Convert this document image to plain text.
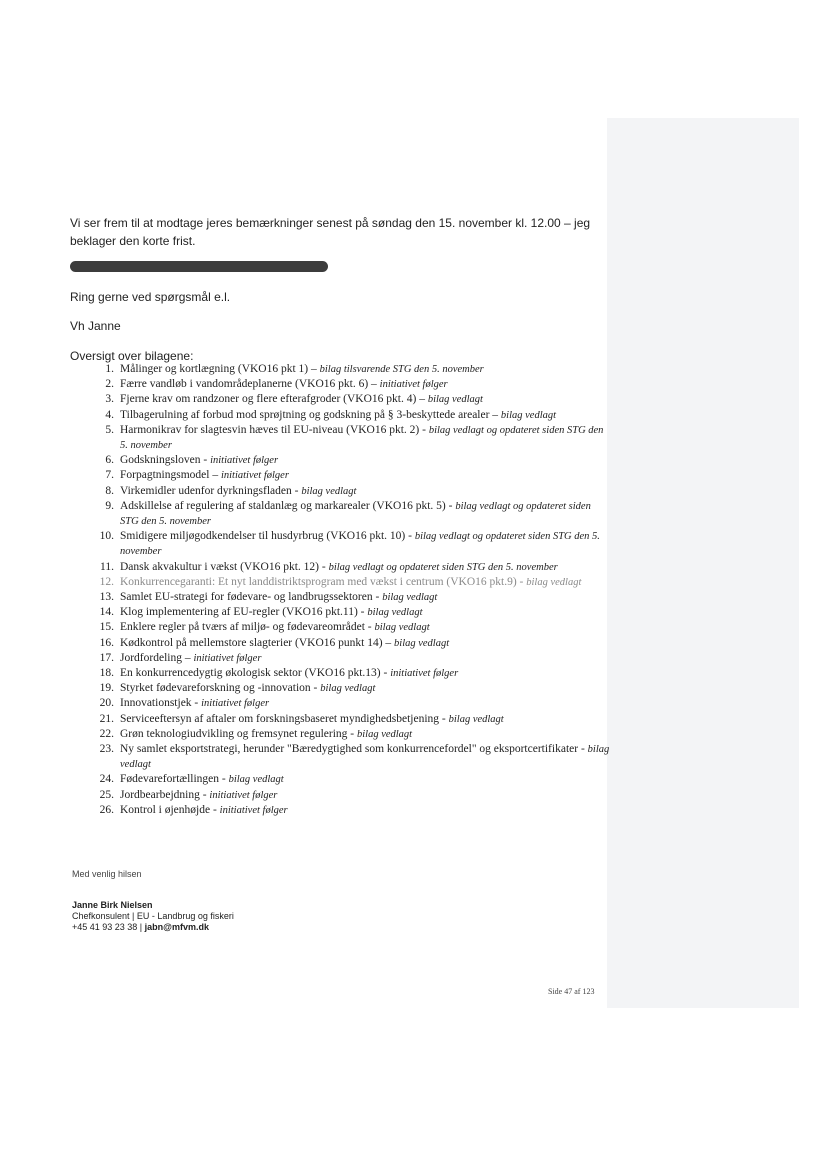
Vi ser frem til at modtage jeres bemærkninger senest på søndag den 15. november kl. 12.00 – jeg beklager den korte frist.
Ring gerne ved spørgsmål e.l.
Vh Janne
Oversigt over bilagene:
1. Målinger og kortlægning (VKO16 pkt 1) – bilag tilsvarende STG den 5. november
2. Færre vandløb i vandområdeplanerne (VKO16 pkt. 6) – initiativet følger
3. Fjerne krav om randzoner og flere efterafgroder (VKO16 pkt. 4) – bilag vedlagt
4. Tilbagerulning af forbud mod sprøjtning og godskning på § 3-beskyttede arealer – bilag vedlagt
5. Harmonikrav for slagtesvin hæves til EU-niveau (VKO16 pkt. 2) - bilag vedlagt og opdateret siden STG den 5. november
6. Godskningsloven - initiativet følger
7. Forpagtningsmodel – initiativet følger
8. Virkemidler udenfor dyrkningsfladen - bilag vedlagt
9. Adskillelse af regulering af staldanlæg og markarealer (VKO16 pkt. 5) - bilag vedlagt og opdateret siden STG den 5. november
10. Smidigere miljøgodkendelser til husdyrbrug (VKO16 pkt. 10) - bilag vedlagt og opdateret siden STG den 5. november
11. Dansk akvakultur i vækst (VKO16 pkt. 12) - bilag vedlagt og opdateret siden STG den 5. november
12. Konkurrencegaranti: Et nyt landdistriktsprogram med vækst i centrum (VKO16 pkt.9) - bilag vedlagt
13. Samlet EU-strategi for fødevare- og landbrugssektoren - bilag vedlagt
14. Klog implementering af EU-regler (VKO16 pkt.11) - bilag vedlagt
15. Enklere regler på tværs af miljø- og fødevareområdet - bilag vedlagt
16. Kødkontrol på mellemstore slagterier (VKO16 punkt 14) – bilag vedlagt
17. Jordfordeling – initiativet følger
18. En konkurrencedygtig økologisk sektor (VKO16 pkt.13) - initiativet følger
19. Styrket fødevareforskning og -innovation - bilag vedlagt
20. Innovationstjek - initiativet følger
21. Serviceeftersyn af aftaler om forskningsbaseret myndighedsbetjening - bilag vedlagt
22. Grøn teknologiudvikling og fremsynet regulering - bilag vedlagt
23. Ny samlet eksportstrategi, herunder "Bæredygtighed som konkurrencefordel" og eksportcertifikater - bilag vedlagt
24. Fødevarefortællingen - bilag vedlagt
25. Jordbearbejdning - initiativet følger
26. Kontrol i øjenhøjde - initiativet følger
Med venlig hilsen
Janne Birk Nielsen
Chefkonsulent | EU - Landbrug og fiskeri
+45 41 93 23 38 | jabn@mfvm.dk
Side 47 af 123
